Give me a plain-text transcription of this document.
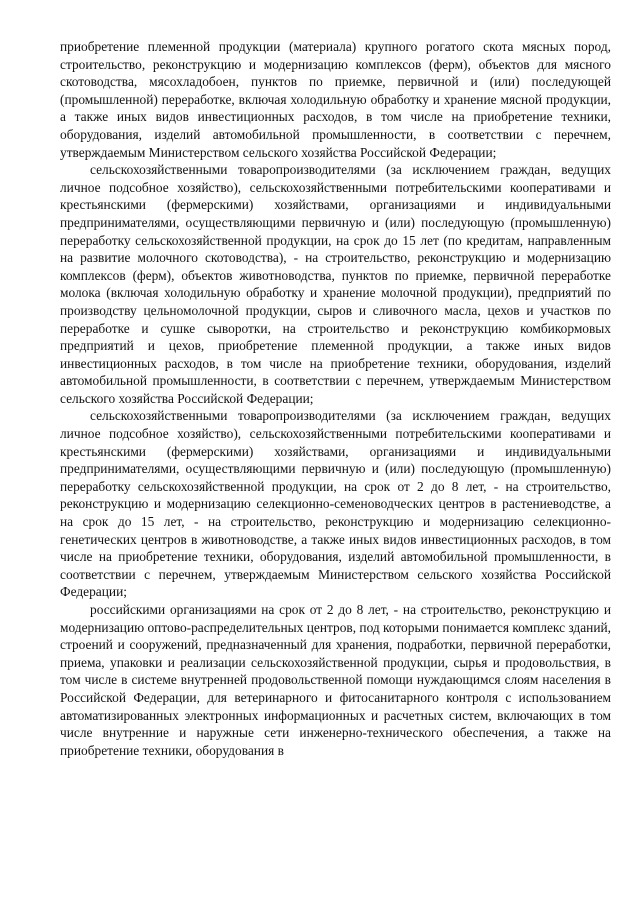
приобретение племенной продукции (материала) крупного рогатого скота мясных пород, строительство, реконструкцию и модернизацию комплексов (ферм), объектов для мясного скотоводства, мясохладобоен, пунктов по приемке, первичной и (или) последующей (промышленной) переработке, включая холодильную обработку и хранение мясной продукции, а также иных видов инвестиционных расходов, в том числе на приобретение техники, оборудования, изделий автомобильной промышленности, в соответствии с перечнем, утверждаемым Министерством сельского хозяйства Российской Федерации;

сельскохозяйственными товаропроизводителями (за исключением граждан, ведущих личное подсобное хозяйство), сельскохозяйственными потребительскими кооперативами и крестьянскими (фермерскими) хозяйствами, организациями и индивидуальными предпринимателями, осуществляющими первичную и (или) последующую (промышленную) переработку сельскохозяйственной продукции, на срок до 15 лет (по кредитам, направленным на развитие молочного скотоводства), - на строительство, реконструкцию и модернизацию комплексов (ферм), объектов животноводства, пунктов по приемке, первичной переработке молока (включая холодильную обработку и хранение молочной продукции), предприятий по производству цельномолочной продукции, сыров и сливочного масла, цехов и участков по переработке и сушке сыворотки, на строительство и реконструкцию комбикормовых предприятий и цехов, приобретение племенной продукции, а также иных видов инвестиционных расходов, в том числе на приобретение техники, оборудования, изделий автомобильной промышленности, в соответствии с перечнем, утверждаемым Министерством сельского хозяйства Российской Федерации;

сельскохозяйственными товаропроизводителями (за исключением граждан, ведущих личное подсобное хозяйство), сельскохозяйственными потребительскими кооперативами и крестьянскими (фермерскими) хозяйствами, организациями и индивидуальными предпринимателями, осуществляющими первичную и (или) последующую (промышленную) переработку сельскохозяйственной продукции, на срок от 2 до 8 лет, - на строительство, реконструкцию и модернизацию селекционно-семеноводческих центров в растениеводстве, а на срок до 15 лет, - на строительство, реконструкцию и модернизацию селекционно-генетических центров в животноводстве, а также иных видов инвестиционных расходов, в том числе на приобретение техники, оборудования, изделий автомобильной промышленности, в соответствии с перечнем, утверждаемым Министерством сельского хозяйства Российской Федерации;

российскими организациями на срок от 2 до 8 лет, - на строительство, реконструкцию и модернизацию оптово-распределительных центров, под которыми понимается комплекс зданий, строений и сооружений, предназначенный для хранения, подработки, первичной переработки, приема, упаковки и реализации сельскохозяйственной продукции, сырья и продовольствия, в том числе в системе внутренней продовольственной помощи нуждающимся слоям населения в Российской Федерации, для ветеринарного и фитосанитарного контроля с использованием автоматизированных электронных информационных и расчетных систем, включающих в том числе внутренние и наружные сети инженерно-технического обеспечения, а также на приобретение техники, оборудования в
